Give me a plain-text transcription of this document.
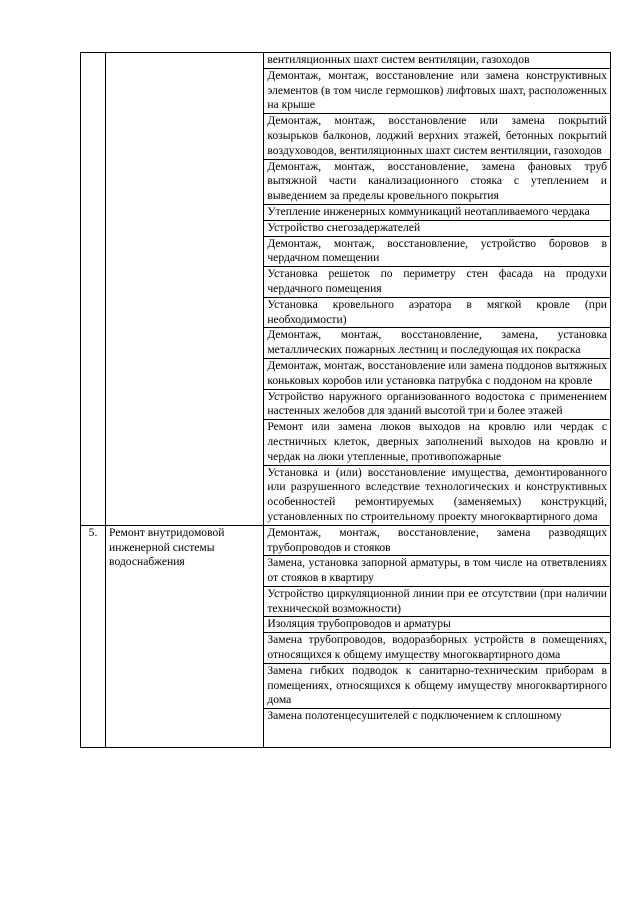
		вентиляционных шахт систем вентиляции, газоходов
		Демонтаж, монтаж, восстановление или замена конструктивных элементов (в том числе гермошков) лифтовых шахт, расположенных на крыше
		Демонтаж, монтаж, восстановление или замена покрытий козырьков балконов, лоджий верхних этажей, бетонных покрытий воздуховодов, вентиляционных шахт систем вентиляции, газоходов
		Демонтаж, монтаж, восстановление, замена фановых труб вытяжной части канализационного стояка с утеплением и выведением за пределы кровельного покрытия
		Утепление инженерных коммуникаций неотапливаемого чердака
		Устройство снегозадержателей
		Демонтаж, монтаж, восстановление, устройство боровов в чердачном помещении
		Установка решеток по периметру стен фасада на продухи чердачного помещения
		Установка кровельного аэратора в мягкой кровле (при необходимости)
		Демонтаж, монтаж, восстановление, замена, установка металлических пожарных лестниц и последующая их покраска
		Демонтаж, монтаж, восстановление или замена поддонов вытяжных коньковых коробов или установка патрубка с поддоном на кровле
		Устройство наружного организованного водостока с применением настенных желобов для зданий высотой три и более этажей
		Ремонт или замена люков выходов на кровлю или чердак с лестничных клеток, дверных заполнений выходов на кровлю и чердак на люки утепленные, противопожарные
		Установка и (или) восстановление имущества, демонтированного или разрушенного вследствие технологических и конструктивных особенностей ремонтируемых (заменяемых) конструкций, установленных по строительному проекту многоквартирного дома
5.	Ремонт внутридомовой инженерной системы водоснабжения	Демонтаж, монтаж, восстановление, замена разводящих трубопроводов и стояков
		Замена, установка запорной арматуры, в том числе на ответвлениях от стояков в квартиру
		Устройство циркуляционной линии при ее отсутствии (при наличии технической возможности)
		Изоляция трубопроводов и арматуры
		Замена трубопроводов, водоразборных устройств в помещениях, относящихся к общему имуществу многоквартирного дома
		Замена гибких подводок к санитарно-техническим приборам в помещениях, относящихся к общему имуществу многоквартирного дома
		Замена полотенцесушителей с подключением к сплошному
